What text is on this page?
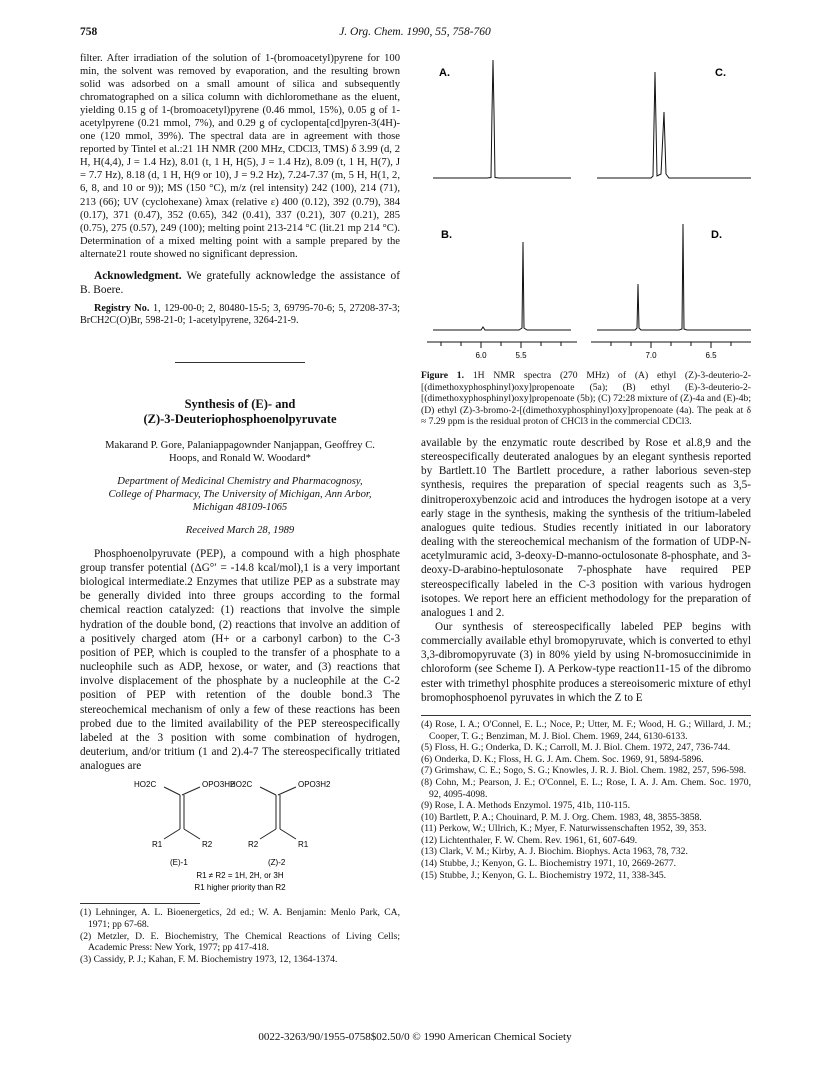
758	J. Org. Chem. 1990, 55, 758-760

filter. After irradiation of the solution of 1-(bromoacetyl)pyrene for 100 min, the solvent was removed by evaporation, and the resulting brown solid was adsorbed on a small amount of silica and subsequently chromatographed on a silica column with dichloromethane as the eluent, yielding 0.15 g of 1-(bromoacetyl)pyrene (0.46 mmol, 15%), 0.05 g of 1-acetylpyrene (0.21 mmol, 7%), and 0.29 g of cyclopenta[cd]pyren-3(4H)-one (120 mmol, 39%). The spectral data are in agreement with those reported by Tintel et al.:21 1H NMR (200 MHz, CDCl3, TMS) δ 3.99 (d, 2 H, H(4,4), J = 1.4 Hz), 8.01 (t, 1 H, H(5), J = 1.4 Hz), 8.09 (t, 1 H, H(7), J = 7.7 Hz), 8.18 (d, 1 H, H(9 or 10), J = 9.2 Hz), 7.24-7.37 (m, 5 H, H(1, 2, 6, 8, and 10 or 9)); MS (150 °C), m/z (rel intensity) 242 (100), 214 (71), 213 (66); UV (cyclohexane) λmax (relative ε) 400 (0.12), 392 (0.79), 384 (0.17), 371 (0.47), 352 (0.65), 342 (0.41), 337 (0.21), 307 (0.21), 285 (0.75), 275 (0.57), 249 (100); melting point 213-214 °C (lit.21 mp 214 °C). Determination of a mixed melting point with a sample prepared by the alternate21 route showed no significant depression.

Acknowledgment. We gratefully acknowledge the assistance of B. Boere.

Registry No. 1, 129-00-0; 2, 80480-15-5; 3, 69795-70-6; 5, 27208-37-3; BrCH2C(O)Br, 598-21-0; 1-acetylpyrene, 3264-21-9.

Synthesis of (E)- and
(Z)-3-Deuteriophosphoenolpyruvate

Makarand P. Gore, Palaniappagownder Nanjappan, Geoffrey C. Hoops, and Ronald W. Woodard*

Department of Medicinal Chemistry and Pharmacognosy, College of Pharmacy, The University of Michigan, Ann Arbor, Michigan 48109-1065

Received March 28, 1989

Phosphoenolpyruvate (PEP), a compound with a high phosphate group transfer potential (ΔG°′ = -14.8 kcal/mol),1 is a very important biological intermediate.2 Enzymes that utilize PEP as a substrate may be generally divided into three groups according to the formal chemical reaction catalyzed: (1) reactions that involve the simple hydration of the double bond, (2) reactions that involve an addition of a positively charged atom (H+ or a carbonyl carbon) to the C-3 position of PEP, which is coupled to the transfer of a phosphate to a nucleophile such as ADP, hexose, or water, and (3) reactions that involve displacement of the phosphate by a nucleophile at the C-2 position of PEP with retention of the double bond.3 The stereochemical mechanism of only a few of these reactions has been probed due to the limited availability of the PEP stereospecifically labeled at the 3 position with some combination of hydrogen, deuterium, and/or tritium (1 and 2).4-7 The stereospecifically tritiated analogues are

HO2C	OPO3H2
R1	R2
(E)-1
HO2C	OPO3H2
R2	R1
(Z)-2
R1 ≠ R2 = 1H, 2H, or 3H
R1 higher priority than R2

(1) Lehninger, A. L. Bioenergetics, 2d ed.; W. A. Benjamin: Menlo Park, CA, 1971; pp 67-68.

(2) Metzler, D. E. Biochemistry, The Chemical Reactions of Living Cells; Academic Press: New York, 1977; pp 417-418.

(3) Cassidy, P. J.; Kahan, F. M. Biochemistry 1973, 12, 1364-1374.

A.	C.
B.	D.
6.0	5.5	7.0	6.5

Figure 1. 1H NMR spectra (270 MHz) of (A) ethyl (Z)-3-deuterio-2-[(dimethoxyphosphinyl)oxy]propenoate (5a); (B) ethyl (E)-3-deuterio-2-[(dimethoxyphosphinyl)oxy]propenoate (5b); (C) 72:28 mixture of (Z)-4a and (E)-4b; (D) ethyl (Z)-3-bromo-2-[(dimethoxyphosphinyl)oxy]propenoate (4a). The peak at δ ≈ 7.29 ppm is the residual proton of CHCl3 in the commercial CDCl3.

available by the enzymatic route described by Rose et al.8,9 and the stereospecifically deuterated analogues by an elegant synthesis reported by Bartlett.10 The Bartlett procedure, a rather laborious seven-step synthesis, requires the preparation of special reagents such as 3,5-dinitroperoxybenzoic acid and introduces the hydrogen isotope at a very early stage in the synthesis, making the synthesis of the tritium-labeled analogues quite tedious. Studies recently initiated in our laboratory dealing with the stereochemical mechanism of the formation of UDP-N-acetylmuramic acid, 3-deoxy-D-manno-octulosonate 8-phosphate, and 3-deoxy-D-arabino-heptulosonate 7-phosphate have required PEP stereospecifically labeled in the C-3 position with various hydrogen isotopes. We report here an efficient methodology for the preparation of analogues 1 and 2.

Our synthesis of stereospecifically labeled PEP begins with commercially available ethyl bromopyruvate, which is converted to ethyl 3,3-dibromopyruvate (3) in 80% yield by using N-bromosuccinimide in chloroform (see Scheme I). A Perkow-type reaction11-15 of the dibromo ester with trimethyl phosphite produces a stereoisomeric mixture of ethyl bromophosphoenol pyruvates in which the Z to E

(4) Rose, I. A.; O'Connel, E. L.; Noce, P.; Utter, M. F.; Wood, H. G.; Willard, J. M.; Cooper, T. G.; Benziman, M. J. Biol. Chem. 1969, 244, 6130-6133.

(5) Floss, H. G.; Onderka, D. K.; Carroll, M. J. Biol. Chem. 1972, 247, 736-744.

(6) Onderka, D. K.; Floss, H. G. J. Am. Chem. Soc. 1969, 91, 5894-5896.

(7) Grimshaw, C. E.; Sogo, S. G.; Knowles, J. R. J. Biol. Chem. 1982, 257, 596-598.

(8) Cohn, M.; Pearson, J. E.; O'Connel, E. L.; Rose, I. A. J. Am. Chem. Soc. 1970, 92, 4095-4098.

(9) Rose, I. A. Methods Enzymol. 1975, 41b, 110-115.

(10) Bartlett, P. A.; Chouinard, P. M. J. Org. Chem. 1983, 48, 3855-3858.

(11) Perkow, W.; Ullrich, K.; Myer, F. Naturwissenschaften 1952, 39, 353.

(12) Lichtenthaler, F. W. Chem. Rev. 1961, 61, 607-649.

(13) Clark, V. M.; Kirby, A. J. Biochim. Biophys. Acta 1963, 78, 732.

(14) Stubbe, J.; Kenyon, G. L. Biochemistry 1971, 10, 2669-2677.

(15) Stubbe, J.; Kenyon, G. L. Biochemistry 1972, 11, 338-345.

0022-3263/90/1955-0758$02.50/0 © 1990 American Chemical Society
